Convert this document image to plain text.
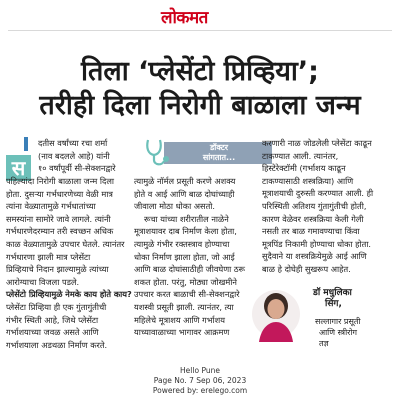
लोकमत
तिला ‘प्लेसेंटो प्रिव्हिया’;
तरीही दिला निरोगी बाळाला जन्म
स

दतीस वर्षांच्या रचा शर्मा

(नाव बदलले आहे) यांनी

१० वर्षांपूर्वी सी-सेक्शनद्वारे

पहिल्यांदा निरोगी बाळाला जन्म दिला

होता. दुसऱ्या गर्भधारणेच्या वेळी मात्र

त्यांना वेळ्यातामुळे गर्भधातांच्या

समस्यांना सामोरे जावे लागले. त्यांनी

गर्भधारणेदरम्यान तरी स्वच्छन अधिक

काळ वेळ्यातामुळे उपचार घेतले. त्यानंतर

गर्भधारणा झाली मात्र प्लेसेंटा

प्रिव्हियाचे निदान झाल्यामुळे त्यांच्या

आरोग्याचा विजला पडले.

प्लेसेंटो प्रिव्हियामुळे नेमके काय होते काय?

प्लेसेंटा प्रिव्हिया ही एक गुंतागुंतीची

गंभीर स्थिती आहे, जिथे प्लेसेंटा

गर्भाशयाच्या जवळ असते आणि

गर्भाशयाला अडथळा निर्माण करते.

डॉक्टर
सांगतात...

त्यामुळे नॉर्मल प्रसूती करणे अशक्य

होते व आई आणि बाळ दोघांच्याही

जीवाला मोठा धोका असतो.

रूचा यांच्या शरीरातील नाळेने

मूत्राशयावर दाब निर्माण केला होता,

त्यामुळे गंभीर रक्तस्त्राव होण्याचा

धोका निर्माण झाला होता, जो आई

आणि बाळ दोघांसाठीही जीवघेणा ठरू

शकत होता. परंतु, मोठ्या जोखमीने

उपचार करत बाळाची सी-सेक्शनद्वारे

यशस्वी प्रसूती झाली. त्यानंतर, त्या

महिलेचे मूत्राशय आणि गर्भाशय

याच्यावाळाच्या भागावर आक्रमण

करणारी नाळ जोडलेली प्लेसेंटा काढून

टाकण्यात आली. त्यानंतर,

हिस्टेरेक्टॉमी (गर्भाशय काढून

टाकण्यासाठी शस्त्रक्रिया) आणि

मूत्राशयाची दुरुस्ती करण्यात आली. ही

परिस्थिती अतिशय गुंतागुंतीची होती,

कारण वेळेवर शस्त्रक्रिया केली गेली

नसती तर बाळ गमावण्याचा किंवा

मूत्रपिंड निकामी होण्याचा धोका होता.

सुदैवाने या शस्त्रक्रियेमुळे आई आणि

बाळ हे दोघेही सुखरूप आहेत.

डॉ मधुलिका

सिंग,

सल्लागार प्रसूती

आणि स्त्रीरोग

तज्ञ

Hello Pune

Page No. 7 Sep 06, 2023

Powered by: erelego.com
